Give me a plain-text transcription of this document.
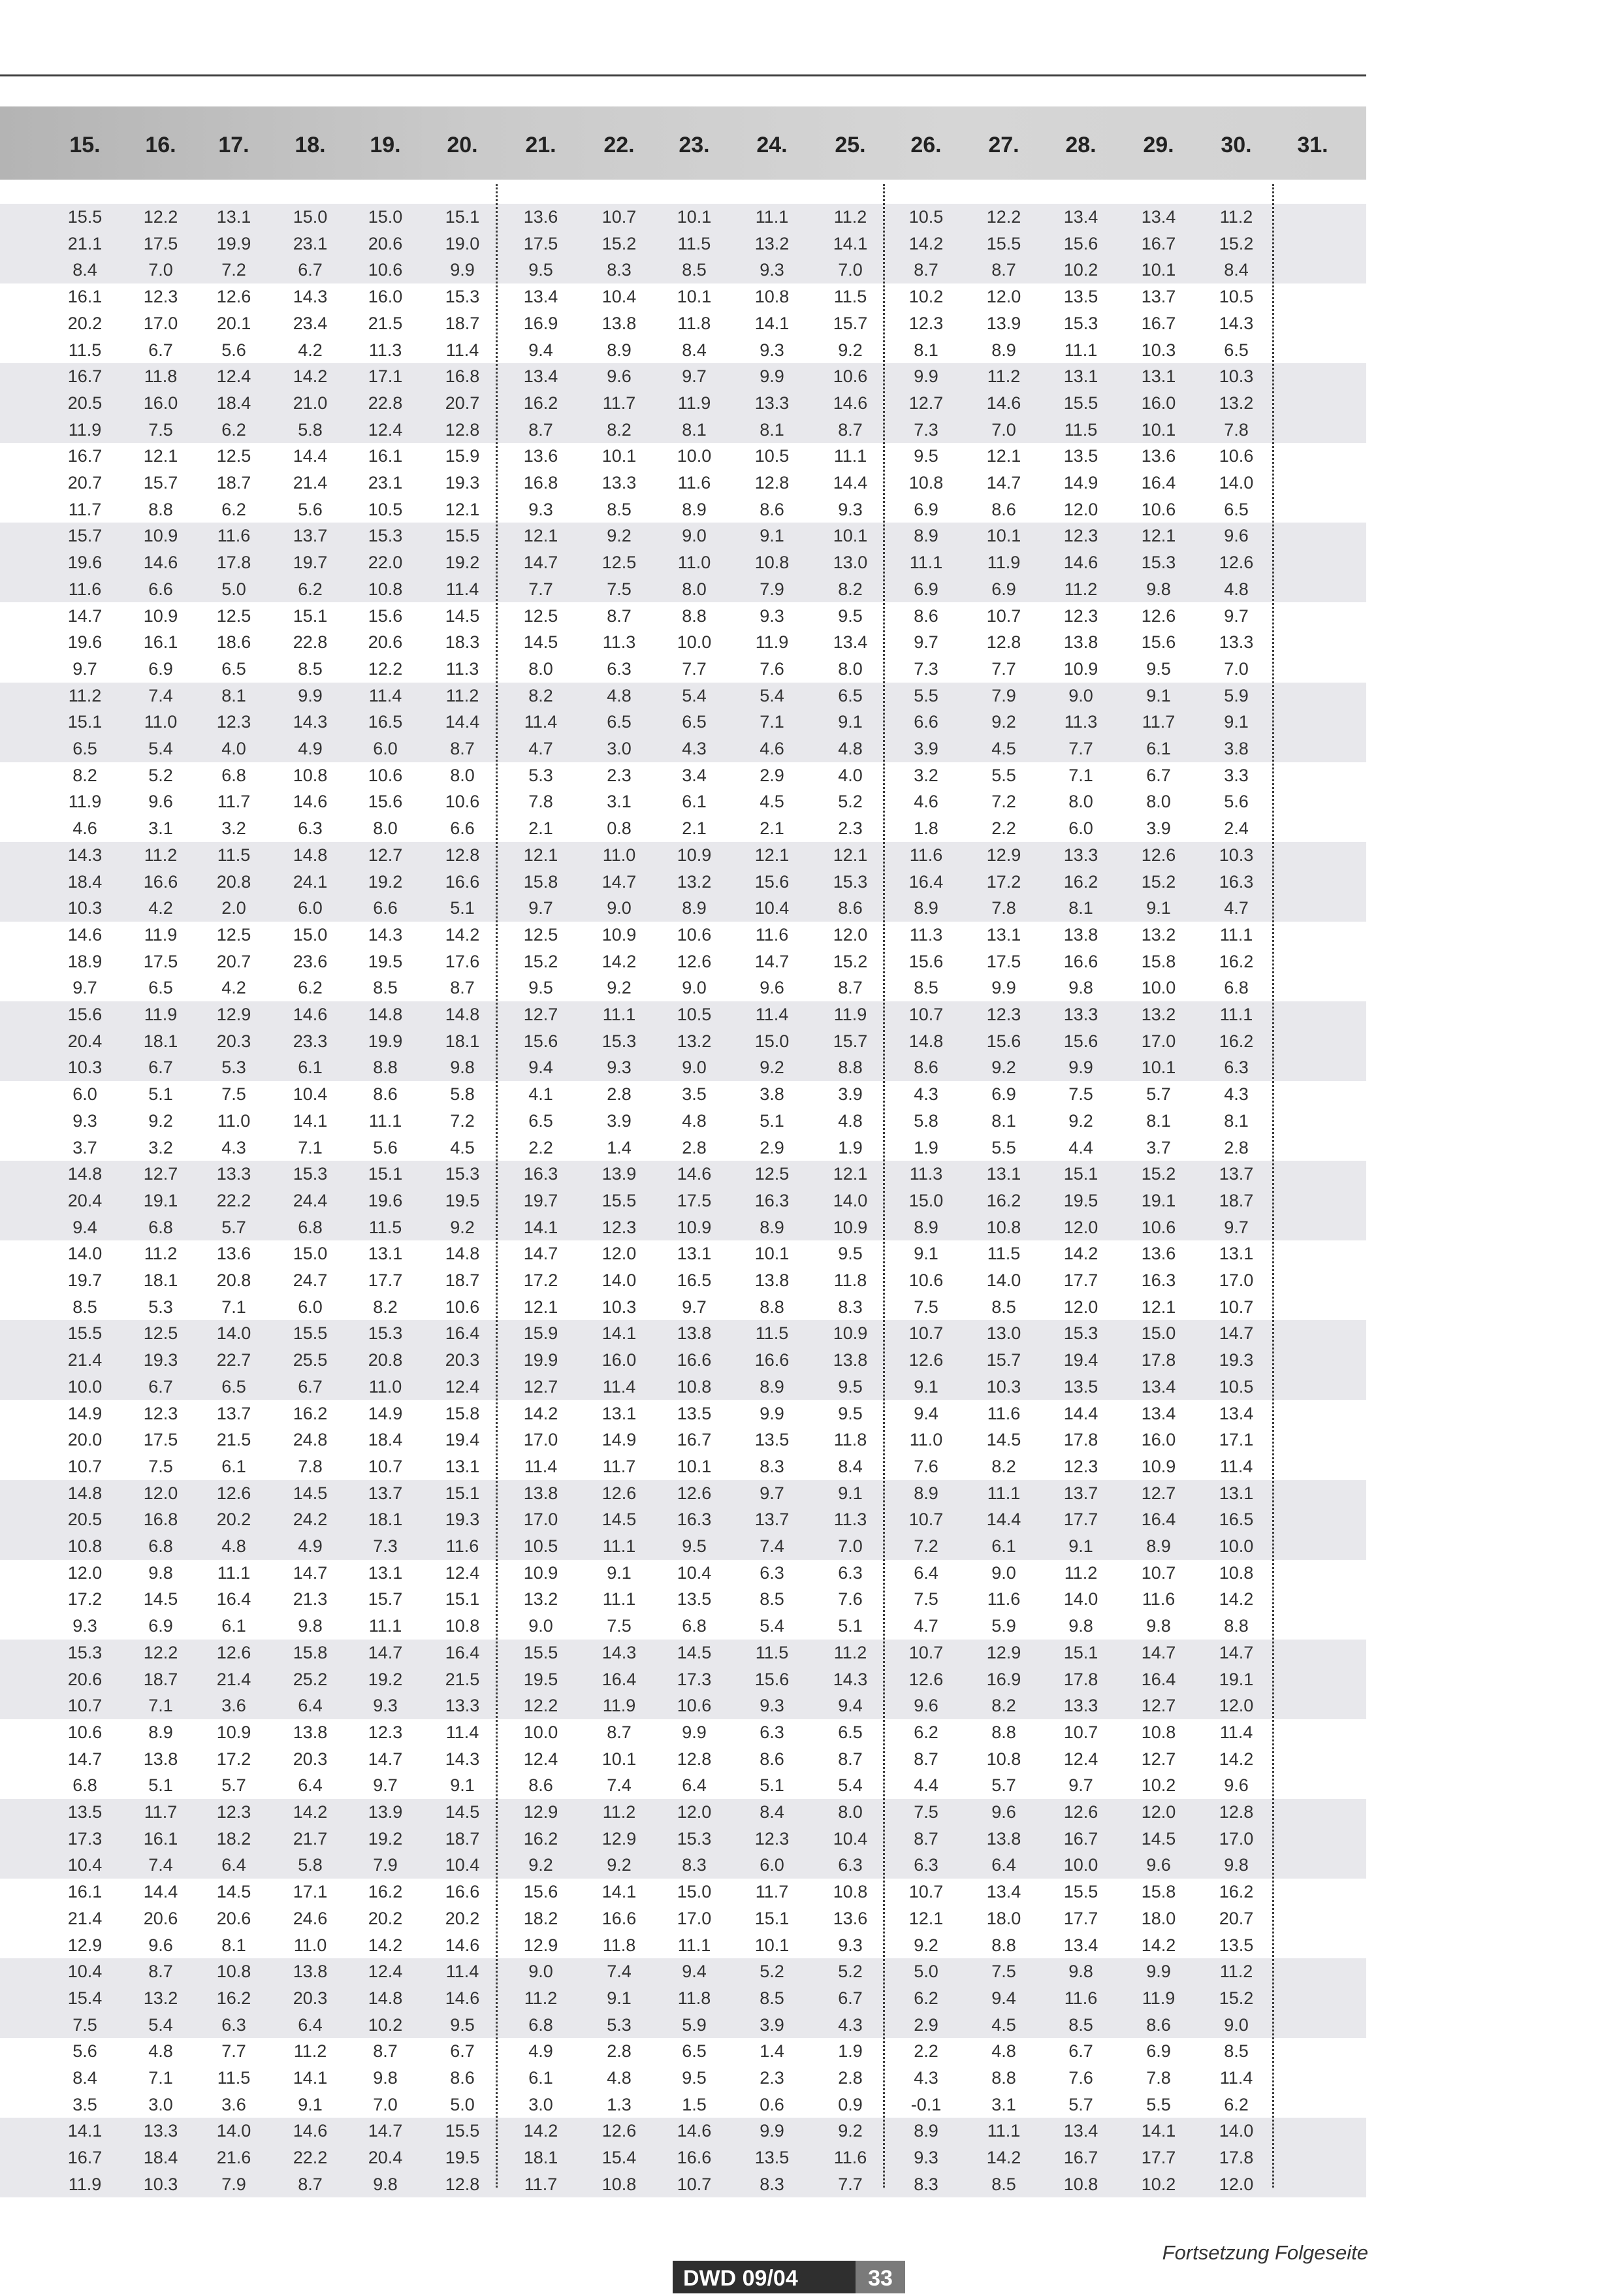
15.	16.	17.	18.	19.	20.	21.	22.	23.	24.	25.	26.	27.	28.	29.	30.	31.
15.5	12.2	13.1	15.0	15.0	15.1	13.6	10.7	10.1	11.1	11.2	10.5	12.2	13.4	13.4	11.2
21.1	17.5	19.9	23.1	20.6	19.0	17.5	15.2	11.5	13.2	14.1	14.2	15.5	15.6	16.7	15.2
8.4	7.0	7.2	6.7	10.6	9.9	9.5	8.3	8.5	9.3	7.0	8.7	8.7	10.2	10.1	8.4
16.1	12.3	12.6	14.3	16.0	15.3	13.4	10.4	10.1	10.8	11.5	10.2	12.0	13.5	13.7	10.5
20.2	17.0	20.1	23.4	21.5	18.7	16.9	13.8	11.8	14.1	15.7	12.3	13.9	15.3	16.7	14.3
11.5	6.7	5.6	4.2	11.3	11.4	9.4	8.9	8.4	9.3	9.2	8.1	8.9	11.1	10.3	6.5
16.7	11.8	12.4	14.2	17.1	16.8	13.4	9.6	9.7	9.9	10.6	9.9	11.2	13.1	13.1	10.3
20.5	16.0	18.4	21.0	22.8	20.7	16.2	11.7	11.9	13.3	14.6	12.7	14.6	15.5	16.0	13.2
11.9	7.5	6.2	5.8	12.4	12.8	8.7	8.2	8.1	8.1	8.7	7.3	7.0	11.5	10.1	7.8
16.7	12.1	12.5	14.4	16.1	15.9	13.6	10.1	10.0	10.5	11.1	9.5	12.1	13.5	13.6	10.6
20.7	15.7	18.7	21.4	23.1	19.3	16.8	13.3	11.6	12.8	14.4	10.8	14.7	14.9	16.4	14.0
11.7	8.8	6.2	5.6	10.5	12.1	9.3	8.5	8.9	8.6	9.3	6.9	8.6	12.0	10.6	6.5
15.7	10.9	11.6	13.7	15.3	15.5	12.1	9.2	9.0	9.1	10.1	8.9	10.1	12.3	12.1	9.6
19.6	14.6	17.8	19.7	22.0	19.2	14.7	12.5	11.0	10.8	13.0	11.1	11.9	14.6	15.3	12.6
11.6	6.6	5.0	6.2	10.8	11.4	7.7	7.5	8.0	7.9	8.2	6.9	6.9	11.2	9.8	4.8
14.7	10.9	12.5	15.1	15.6	14.5	12.5	8.7	8.8	9.3	9.5	8.6	10.7	12.3	12.6	9.7
19.6	16.1	18.6	22.8	20.6	18.3	14.5	11.3	10.0	11.9	13.4	9.7	12.8	13.8	15.6	13.3
9.7	6.9	6.5	8.5	12.2	11.3	8.0	6.3	7.7	7.6	8.0	7.3	7.7	10.9	9.5	7.0
11.2	7.4	8.1	9.9	11.4	11.2	8.2	4.8	5.4	5.4	6.5	5.5	7.9	9.0	9.1	5.9
15.1	11.0	12.3	14.3	16.5	14.4	11.4	6.5	6.5	7.1	9.1	6.6	9.2	11.3	11.7	9.1
6.5	5.4	4.0	4.9	6.0	8.7	4.7	3.0	4.3	4.6	4.8	3.9	4.5	7.7	6.1	3.8
8.2	5.2	6.8	10.8	10.6	8.0	5.3	2.3	3.4	2.9	4.0	3.2	5.5	7.1	6.7	3.3
11.9	9.6	11.7	14.6	15.6	10.6	7.8	3.1	6.1	4.5	5.2	4.6	7.2	8.0	8.0	5.6
4.6	3.1	3.2	6.3	8.0	6.6	2.1	0.8	2.1	2.1	2.3	1.8	2.2	6.0	3.9	2.4
14.3	11.2	11.5	14.8	12.7	12.8	12.1	11.0	10.9	12.1	12.1	11.6	12.9	13.3	12.6	10.3
18.4	16.6	20.8	24.1	19.2	16.6	15.8	14.7	13.2	15.6	15.3	16.4	17.2	16.2	15.2	16.3
10.3	4.2	2.0	6.0	6.6	5.1	9.7	9.0	8.9	10.4	8.6	8.9	7.8	8.1	9.1	4.7
14.6	11.9	12.5	15.0	14.3	14.2	12.5	10.9	10.6	11.6	12.0	11.3	13.1	13.8	13.2	11.1
18.9	17.5	20.7	23.6	19.5	17.6	15.2	14.2	12.6	14.7	15.2	15.6	17.5	16.6	15.8	16.2
9.7	6.5	4.2	6.2	8.5	8.7	9.5	9.2	9.0	9.6	8.7	8.5	9.9	9.8	10.0	6.8
15.6	11.9	12.9	14.6	14.8	14.8	12.7	11.1	10.5	11.4	11.9	10.7	12.3	13.3	13.2	11.1
20.4	18.1	20.3	23.3	19.9	18.1	15.6	15.3	13.2	15.0	15.7	14.8	15.6	15.6	17.0	16.2
10.3	6.7	5.3	6.1	8.8	9.8	9.4	9.3	9.0	9.2	8.8	8.6	9.2	9.9	10.1	6.3
6.0	5.1	7.5	10.4	8.6	5.8	4.1	2.8	3.5	3.8	3.9	4.3	6.9	7.5	5.7	4.3
9.3	9.2	11.0	14.1	11.1	7.2	6.5	3.9	4.8	5.1	4.8	5.8	8.1	9.2	8.1	8.1
3.7	3.2	4.3	7.1	5.6	4.5	2.2	1.4	2.8	2.9	1.9	1.9	5.5	4.4	3.7	2.8
14.8	12.7	13.3	15.3	15.1	15.3	16.3	13.9	14.6	12.5	12.1	11.3	13.1	15.1	15.2	13.7
20.4	19.1	22.2	24.4	19.6	19.5	19.7	15.5	17.5	16.3	14.0	15.0	16.2	19.5	19.1	18.7
9.4	6.8	5.7	6.8	11.5	9.2	14.1	12.3	10.9	8.9	10.9	8.9	10.8	12.0	10.6	9.7
14.0	11.2	13.6	15.0	13.1	14.8	14.7	12.0	13.1	10.1	9.5	9.1	11.5	14.2	13.6	13.1
19.7	18.1	20.8	24.7	17.7	18.7	17.2	14.0	16.5	13.8	11.8	10.6	14.0	17.7	16.3	17.0
8.5	5.3	7.1	6.0	8.2	10.6	12.1	10.3	9.7	8.8	8.3	7.5	8.5	12.0	12.1	10.7
15.5	12.5	14.0	15.5	15.3	16.4	15.9	14.1	13.8	11.5	10.9	10.7	13.0	15.3	15.0	14.7
21.4	19.3	22.7	25.5	20.8	20.3	19.9	16.0	16.6	16.6	13.8	12.6	15.7	19.4	17.8	19.3
10.0	6.7	6.5	6.7	11.0	12.4	12.7	11.4	10.8	8.9	9.5	9.1	10.3	13.5	13.4	10.5
14.9	12.3	13.7	16.2	14.9	15.8	14.2	13.1	13.5	9.9	9.5	9.4	11.6	14.4	13.4	13.4
20.0	17.5	21.5	24.8	18.4	19.4	17.0	14.9	16.7	13.5	11.8	11.0	14.5	17.8	16.0	17.1
10.7	7.5	6.1	7.8	10.7	13.1	11.4	11.7	10.1	8.3	8.4	7.6	8.2	12.3	10.9	11.4
14.8	12.0	12.6	14.5	13.7	15.1	13.8	12.6	12.6	9.7	9.1	8.9	11.1	13.7	12.7	13.1
20.5	16.8	20.2	24.2	18.1	19.3	17.0	14.5	16.3	13.7	11.3	10.7	14.4	17.7	16.4	16.5
10.8	6.8	4.8	4.9	7.3	11.6	10.5	11.1	9.5	7.4	7.0	7.2	6.1	9.1	8.9	10.0
12.0	9.8	11.1	14.7	13.1	12.4	10.9	9.1	10.4	6.3	6.3	6.4	9.0	11.2	10.7	10.8
17.2	14.5	16.4	21.3	15.7	15.1	13.2	11.1	13.5	8.5	7.6	7.5	11.6	14.0	11.6	14.2
9.3	6.9	6.1	9.8	11.1	10.8	9.0	7.5	6.8	5.4	5.1	4.7	5.9	9.8	9.8	8.8
15.3	12.2	12.6	15.8	14.7	16.4	15.5	14.3	14.5	11.5	11.2	10.7	12.9	15.1	14.7	14.7
20.6	18.7	21.4	25.2	19.2	21.5	19.5	16.4	17.3	15.6	14.3	12.6	16.9	17.8	16.4	19.1
10.7	7.1	3.6	6.4	9.3	13.3	12.2	11.9	10.6	9.3	9.4	9.6	8.2	13.3	12.7	12.0
10.6	8.9	10.9	13.8	12.3	11.4	10.0	8.7	9.9	6.3	6.5	6.2	8.8	10.7	10.8	11.4
14.7	13.8	17.2	20.3	14.7	14.3	12.4	10.1	12.8	8.6	8.7	8.7	10.8	12.4	12.7	14.2
6.8	5.1	5.7	6.4	9.7	9.1	8.6	7.4	6.4	5.1	5.4	4.4	5.7	9.7	10.2	9.6
13.5	11.7	12.3	14.2	13.9	14.5	12.9	11.2	12.0	8.4	8.0	7.5	9.6	12.6	12.0	12.8
17.3	16.1	18.2	21.7	19.2	18.7	16.2	12.9	15.3	12.3	10.4	8.7	13.8	16.7	14.5	17.0
10.4	7.4	6.4	5.8	7.9	10.4	9.2	9.2	8.3	6.0	6.3	6.3	6.4	10.0	9.6	9.8
16.1	14.4	14.5	17.1	16.2	16.6	15.6	14.1	15.0	11.7	10.8	10.7	13.4	15.5	15.8	16.2
21.4	20.6	20.6	24.6	20.2	20.2	18.2	16.6	17.0	15.1	13.6	12.1	18.0	17.7	18.0	20.7
12.9	9.6	8.1	11.0	14.2	14.6	12.9	11.8	11.1	10.1	9.3	9.2	8.8	13.4	14.2	13.5
10.4	8.7	10.8	13.8	12.4	11.4	9.0	7.4	9.4	5.2	5.2	5.0	7.5	9.8	9.9	11.2
15.4	13.2	16.2	20.3	14.8	14.6	11.2	9.1	11.8	8.5	6.7	6.2	9.4	11.6	11.9	15.2
7.5	5.4	6.3	6.4	10.2	9.5	6.8	5.3	5.9	3.9	4.3	2.9	4.5	8.5	8.6	9.0
5.6	4.8	7.7	11.2	8.7	6.7	4.9	2.8	6.5	1.4	1.9	2.2	4.8	6.7	6.9	8.5
8.4	7.1	11.5	14.1	9.8	8.6	6.1	4.8	9.5	2.3	2.8	4.3	8.8	7.6	7.8	11.4
3.5	3.0	3.6	9.1	7.0	5.0	3.0	1.3	1.5	0.6	0.9	-0.1	3.1	5.7	5.5	6.2
14.1	13.3	14.0	14.6	14.7	15.5	14.2	12.6	14.6	9.9	9.2	8.9	11.1	13.4	14.1	14.0
16.7	18.4	21.6	22.2	20.4	19.5	18.1	15.4	16.6	13.5	11.6	9.3	14.2	16.7	17.7	17.8
11.9	10.3	7.9	8.7	9.8	12.8	11.7	10.8	10.7	8.3	7.7	8.3	8.5	10.8	10.2	12.0
Fortsetzung Folgeseite
DWD 09/04	33
